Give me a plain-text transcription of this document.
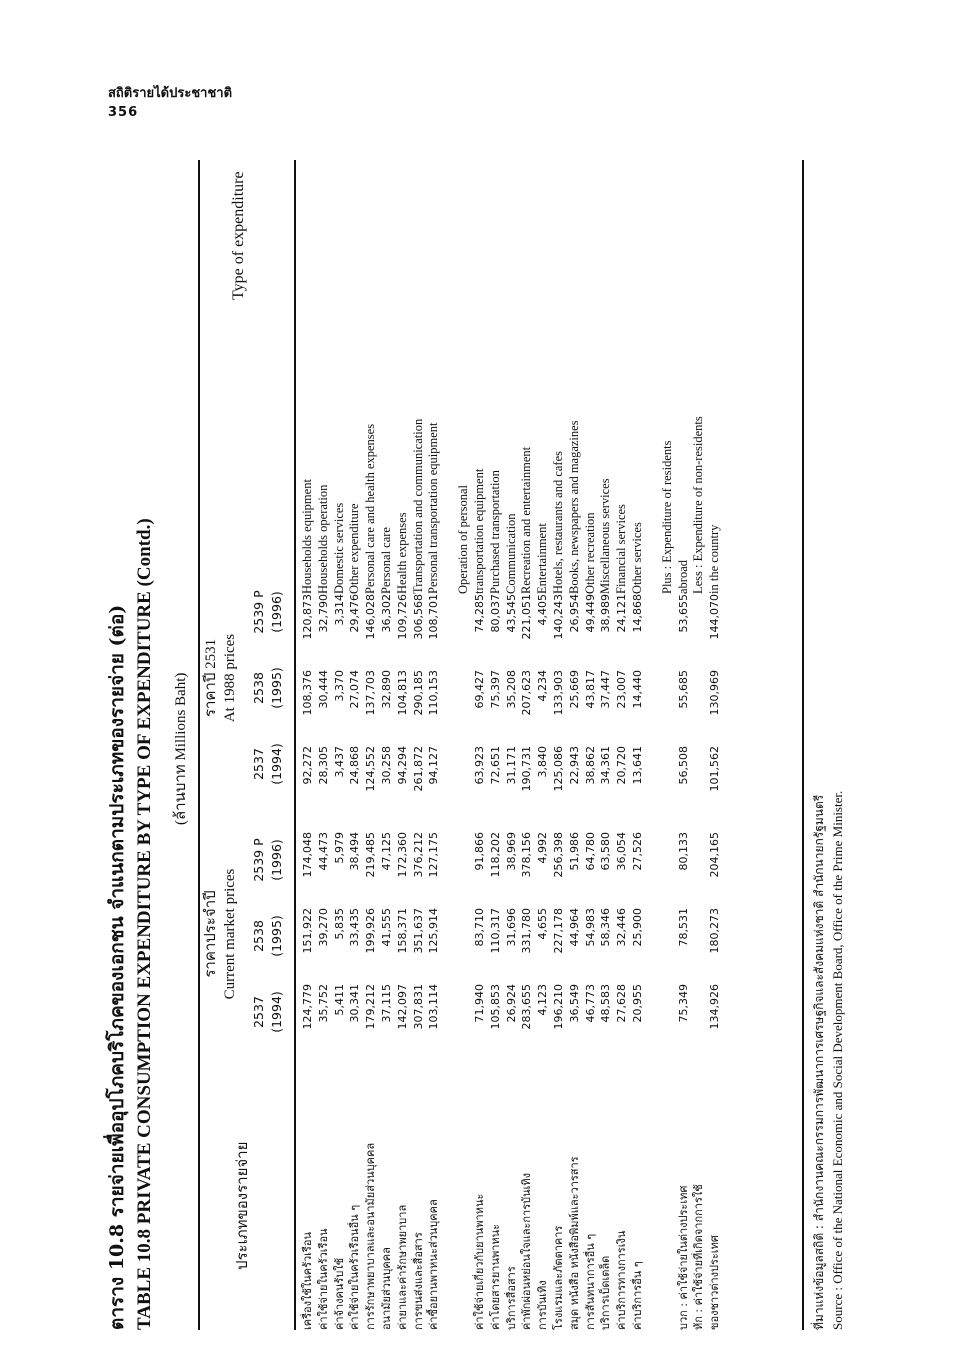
สถิติรายได้ประชาชาติ
356
ตาราง 10.8 รายจ่ายเพื่ออุปโภคบริโภคของเอกชน จำแนกตามประเภทของรายจ่าย (ต่อ) TABLE 10.8 PRIVATE CONSUMPTION EXPENDITURE BY TYPE OF EXPENDITURE (Contd.)	(ล้านบาท Millions Baht)
ประเภทของรายจ่าย
Type of expenditure
ราคาประจำปี Current market prices
ราคาปี 2531 At 1988 prices
2537 (1994)
2538 (1995)
2539 P (1996)
2537 (1994)
2538 (1995)
2539 P (1996)
เครื่องใช้ในครัวเรือน	124,779	151,922	174,048		92,272	108,376	120,873	Households equipment
ค่าใช้จ่ายในครัวเรือน	35,752	39,270	44,473		28,305	30,444	32,790	Households operation
ค่าจ้างคนรับใช้	5,411	5,835	5,979		3,437	3,370	3,314	Domestic services
ค่าใช้จ่ายในครัวเรือนอื่น ๆ	30,341	33,435	38,494		24,868	27,074	29,476	Other expenditure
การรักษาพยาบาลและอนามัยส่วนบุคคล	179,212	199,926	219,485		124,552	137,703	146,028	Personal care and health expenses
อนามัยส่วนบุคคล	37,115	41,555	47,125		30,258	32,890	36,302	Personal care
ค่ายาและค่ารักษาพยาบาล	142,097	158,371	172,360		94,294	104,813	109,726	Health expenses
การขนส่งและสื่อสาร	307,831	351,637	376,212		261,872	290,185	306,568	Transportation and communication
ค่าซื้อยานพาหนะส่วนบุคคล	103,114	125,914	127,175		94,127	110,153	108,701	Personal transportation equipment

								Operation of personal
ค่าใช้จ่ายเกี่ยวกับยานพาหนะ	71,940	83,710	91,866		63,923	69,427	74,285	transportation equipment
ค่าโดยสารยานพาหนะ	105,853	110,317	118,202		72,651	75,397	80,037	Purchased transportation
บริการสื่อสาร	26,924	31,696	38,969		31,171	35,208	43,545	Communication
ค่าพักผ่อนหย่อนใจและการบันเทิง	283,655	331,780	378,156		190,731	207,623	221,051	Recreation and entertainment
การบันเทิง	4,123	4,655	4,992		3,840	4,234	4,405	Entertainment
โรงแรมและภัตตาคาร	196,210	227,178	256,398		125,086	133,903	140,243	Hotels, restaurants and cafes
สมุด หนังสือ หนังสือพิมพ์และวารสาร	36,549	44,964	51,986		22,943	25,669	26,954	Books, newspapers and magazines
การสันทนาการอื่น ๆ	46,773	54,983	64,780		38,862	43,817	49,449	Other recreation
บริการเบ็ดเตล็ด	48,583	58,346	63,580		34,361	37,447	38,989	Miscellaneous services
ค่าบริการทางการเงิน	27,628	32,446	36,054		20,720	23,007	24,121	Financial services
ค่าบริการอื่น ๆ	20,955	25,900	27,526		13,641	14,440	14,868	Other services

								Plus : Expenditure of residents
บวก : ค่าใช้จ่ายในต่างประเทศ	75,349	78,531	80,133		56,508	55,685	53,655	abroad
หัก : ค่าใช้จ่ายที่เกิดจากการใช้								Less : Expenditure of non-residents
ของชาวต่างประเทศ	134,926	180,273	204,165		101,562	130,969	144,070	in the country
ที่มาแห่งข้อมูลสถิติ : สำนักงานคณะกรรมการพัฒนาการเศรษฐกิจและสังคมแห่งชาติ สำนักนายกรัฐมนตรี Source : Office of the National Economic and Social Development Board, Office of the Prime Minister.
